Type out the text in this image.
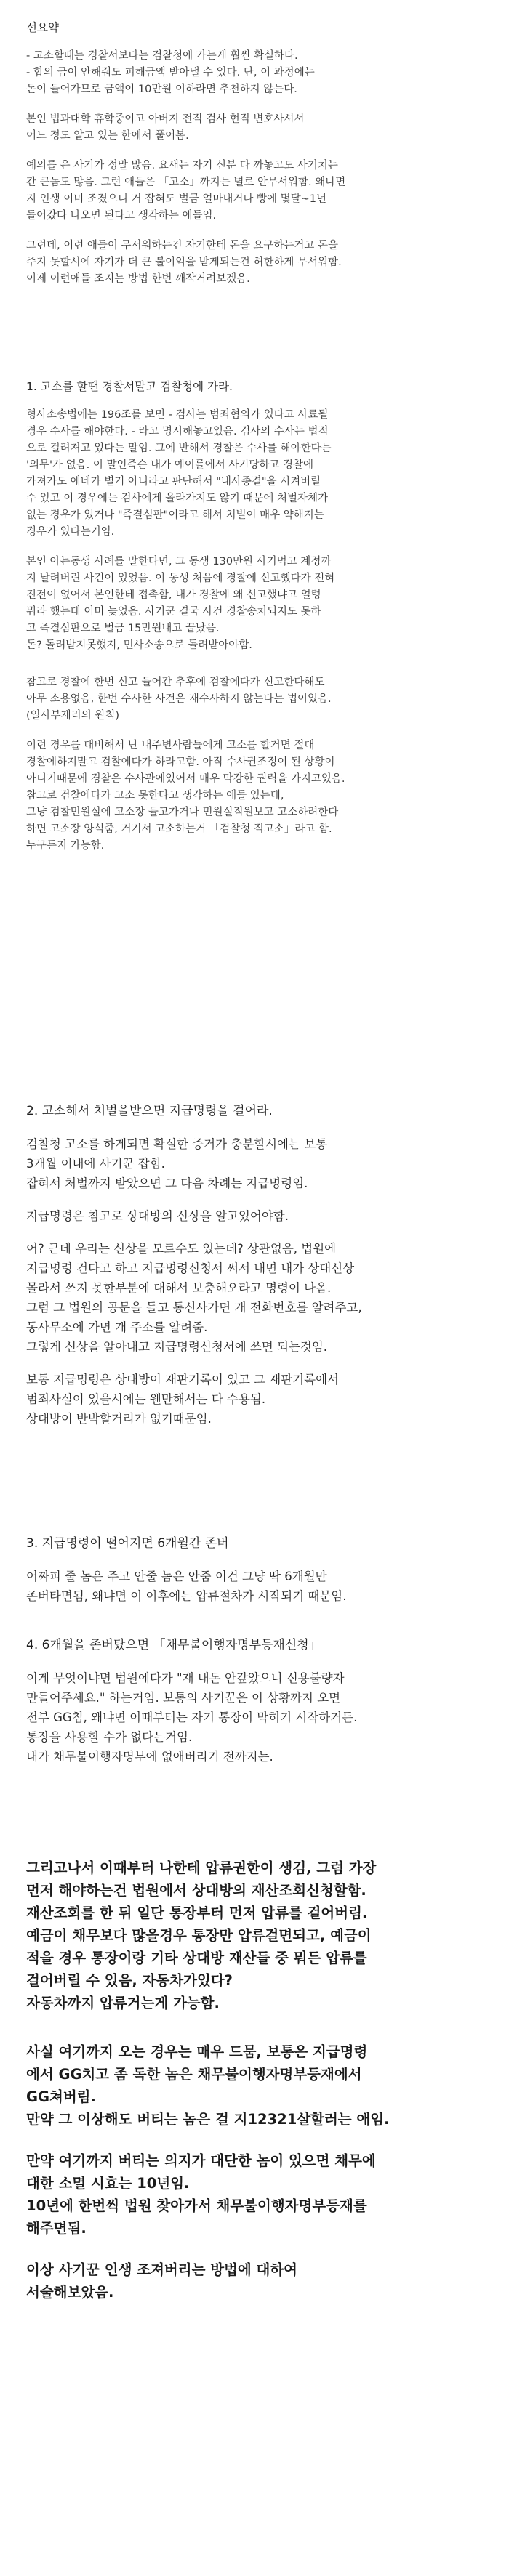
선요약
- 고소할때는 경찰서보다는 검찰청에 가는게 훨씬 확실하다.
- 합의 금이 안해줘도 피해금액 받아낼 수 있다. 단, 이 과정에는
돈이 들어가므로 금액이 10만원 이하라면 추천하지 않는다.
본인 법과대학 휴학중이고 아버지 전직 검사 현직 변호사셔서
어느 정도 알고 있는 한에서 풀어봄.
예의를 은 사기가 정말 많음. 요새는 자기 신분 다 까놓고도 사기치는
간 큰놈도 많음. 그런 애들은 「고소」까지는 별로 안무서워함. 왜냐면
지 인생 이미 조졌으니 거 잡혀도 벌금 얼마내거나 빵에 몇달~1년
들어갔다 나오면 된다고 생각하는 애들임.
그런데, 이런 애들이 무서워하는건 자기한테 돈을 요구하는거고 돈을
주지 못할시에 자기가 더 큰 불이익을 받게되는건 허한하게 무서워함.
이제 이런애들 조지는 방법 한번 깨작거려보겠음.
1. 고소를 할땐 경찰서말고 검찰청에 가라.
형사소송법에는 196조를 보면 - 검사는 범죄혐의가 있다고 사료될
경우 수사를 해야한다. - 라고 명시해놓고있음. 검사의 수사는 법적
으로 걸려져고 있다는 말임. 그에 반해서 경찰은 수사를 해야한다는
'의무'가 없음. 이 말인즉슨 내가 예이를에서 사기당하고 경찰에
가져가도 애네가 별거 아니라고 판단해서 "내사종결"을 시켜버릴
수 있고 이 경우에는 검사에게 올라가지도 않기 때문에 처벌자체가
없는 경우가 있거나 "즉결심판"이라고 해서 처벌이 매우 약해지는
경우가 있다는거임.
본인 아는동생 사례를 말한다면, 그 동생 130만원 사기먹고 계정까
지 날려버린 사건이 있었음. 이 동생 처음에 경찰에 신고했다가 전혀
진전이 없어서 본인한테 접촉함, 내가 경찰에 왜 신고했냐고 얼렁
뭐라 했는데 이미 늦었음. 사기꾼 결국 사건 경찰송치되지도 못하
고 즉결심판으로 벌금 15만원내고 끝났음.
돈? 돌려받지못했지, 민사소송으로 돌려받아야함.
참고로 경찰에 한번 신고 들어간 추후에 검찰에다가 신고한다해도
아무 소용없음, 한번 수사한 사건은 재수사하지 않는다는 법이있음.
(일사부재리의 원칙)
이런 경우를 대비해서 난 내주변사람들에게 고소를 할거면 절대
경찰에하지말고 검찰에다가 하라고함. 아직 수사권조정이 된 상황이
아니기때문에 경찰은 수사관에있어서 매우 막강한 권력을 가지고있음.
참고로 검찰에다가 고소 못한다고 생각하는 애들 있는데,
그냥 검찰민원실에 고소장 들고가거나 민원실직원보고 고소하려한다
하면 고소장 양식줌, 거기서 고소하는거 「검찰청 직고소」라고 함.
누구든지 가능함.
2. 고소해서 처벌을받으면 지급명령을 걸어라.
검찰청 고소를 하게되면 확실한 증거가 충분할시에는 보통
3개월 이내에 사기꾼 잡힘.
잡혀서 처벌까지 받았으면 그 다음 차례는 지급명령임.
지급명령은 참고로 상대방의 신상을 알고있어야함.
어? 근데 우리는 신상을 모르수도 있는데? 상관없음, 법원에
지급명령 건다고 하고 지급명령신청서 써서 내면 내가 상대신상
몰라서 쓰지 못한부분에 대해서 보충해오라고 명령이 나옴.
그럼 그 법원의 공문을 들고 통신사가면 개 전화번호를 알려주고,
동사무소에 가면 개 주소를 알려줌.
그렇게 신상을 알아내고 지급명령신청서에 쓰면 되는것임.
보통 지급명령은 상대방이 재판기록이 있고 그 재판기록에서
범죄사실이 있을시에는 웬만해서는 다 수용됨.
상대방이 반박할거리가 없기때문임.
3. 지급명령이 떨어지면 6개월간 존버
어짜피 줄 놈은 주고 안줄 놈은 안줌 이건 그냥 딱 6개월만
존버타면됨, 왜냐면 이 이후에는 압류절차가 시작되기 때문임.
4. 6개월을 존버탔으면 「채무불이행자명부등재신청」
이게 무엇이냐면 법원에다가 "재 내돈 안갚았으니 신용불량자
만들어주세요." 하는거임. 보통의 사기꾼은 이 상황까지 오면
전부 GG침, 왜냐면 이때부터는 자기 통장이 막히기 시작하거든.
통장을 사용할 수가 없다는거임.
내가 채무불이행자명부에 없애버리기 전까지는.
그리고나서 이때부터 나한테 압류권한이 생김, 그럼 가장
먼저 해야하는건 법원에서 상대방의 재산조회신청할함.
재산조회를 한 뒤 일단 통장부터 먼저 압류를 걸어버림.
예금이 채무보다 많을경우 통장만 압류걸면되고, 예금이
적을 경우 통장이랑 기타 상대방 재산들 중 뭐든 압류를
걸어버릴 수 있음, 자동차가있다?
자동차까지 압류거는게 가능함.
사실 여기까지 오는 경우는 매우 드뭄, 보통은 지급명령
에서 GG치고 좀 독한 놈은 채무불이행자명부등재에서
GG쳐버림.
만약 그 이상해도 버티는 놈은 걸 지12321살할러는 애임.
만약 여기까지 버티는 의지가 대단한 놈이 있으면 채무에
대한 소멸 시효는 10년임.
10년에 한번씩 법원 찾아가서 채무불이행자명부등재를
해주면됨.
이상 사기꾼 인생 조져버리는 방법에 대하여
서술해보았음.
